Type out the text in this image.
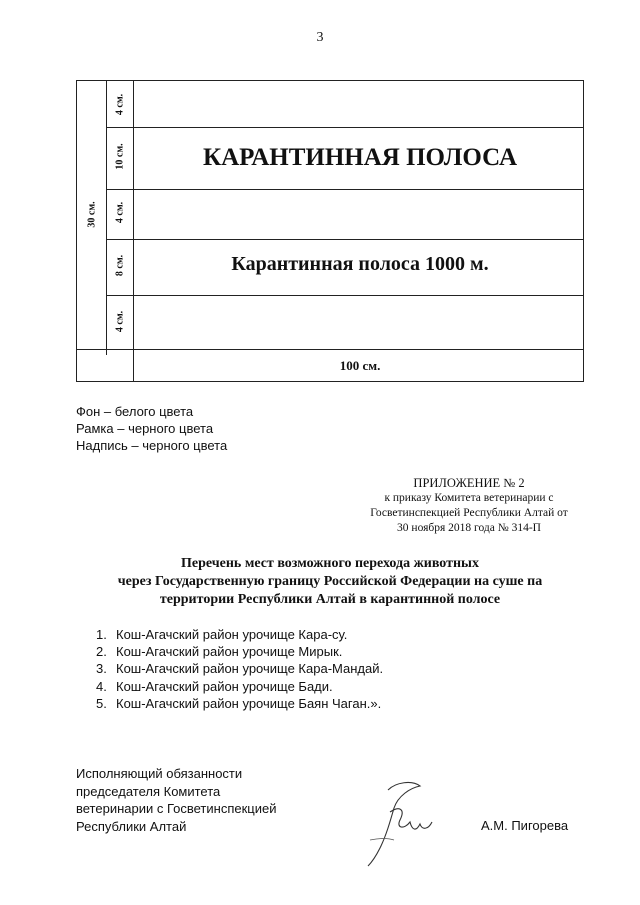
3
30 см.
4 см.
10 см.
4 см.
8 см.
4 см.
КАРАНТИННАЯ ПОЛОСА
Карантинная полоса 1000 м.
100 см.
Фон – белого цвета
Рамка – черного цвета
Надпись – черного цвета
ПРИЛОЖЕНИЕ № 2
к приказу Комитета ветеринарии с
Госветинспекцией Республики Алтай от
30 ноября 2018 года № 314-П
Перечень мест возможного перехода животных
через Государственную границу Российской Федерации на суше па
территории Республики Алтай в карантинной полосе
1. Кош-Агачский район урочище Кара-су.
2. Кош-Агачский район урочище Мирык.
3. Кош-Агачский район урочище Кара-Мандай.
4. Кош-Агачский район урочище Бади.
5. Кош-Агачский район урочище Баян Чаган.».
Исполняющий обязанности
председателя Комитета
ветеринарии с Госветинспекцией
Республики Алтай	А.М. Пигорева
